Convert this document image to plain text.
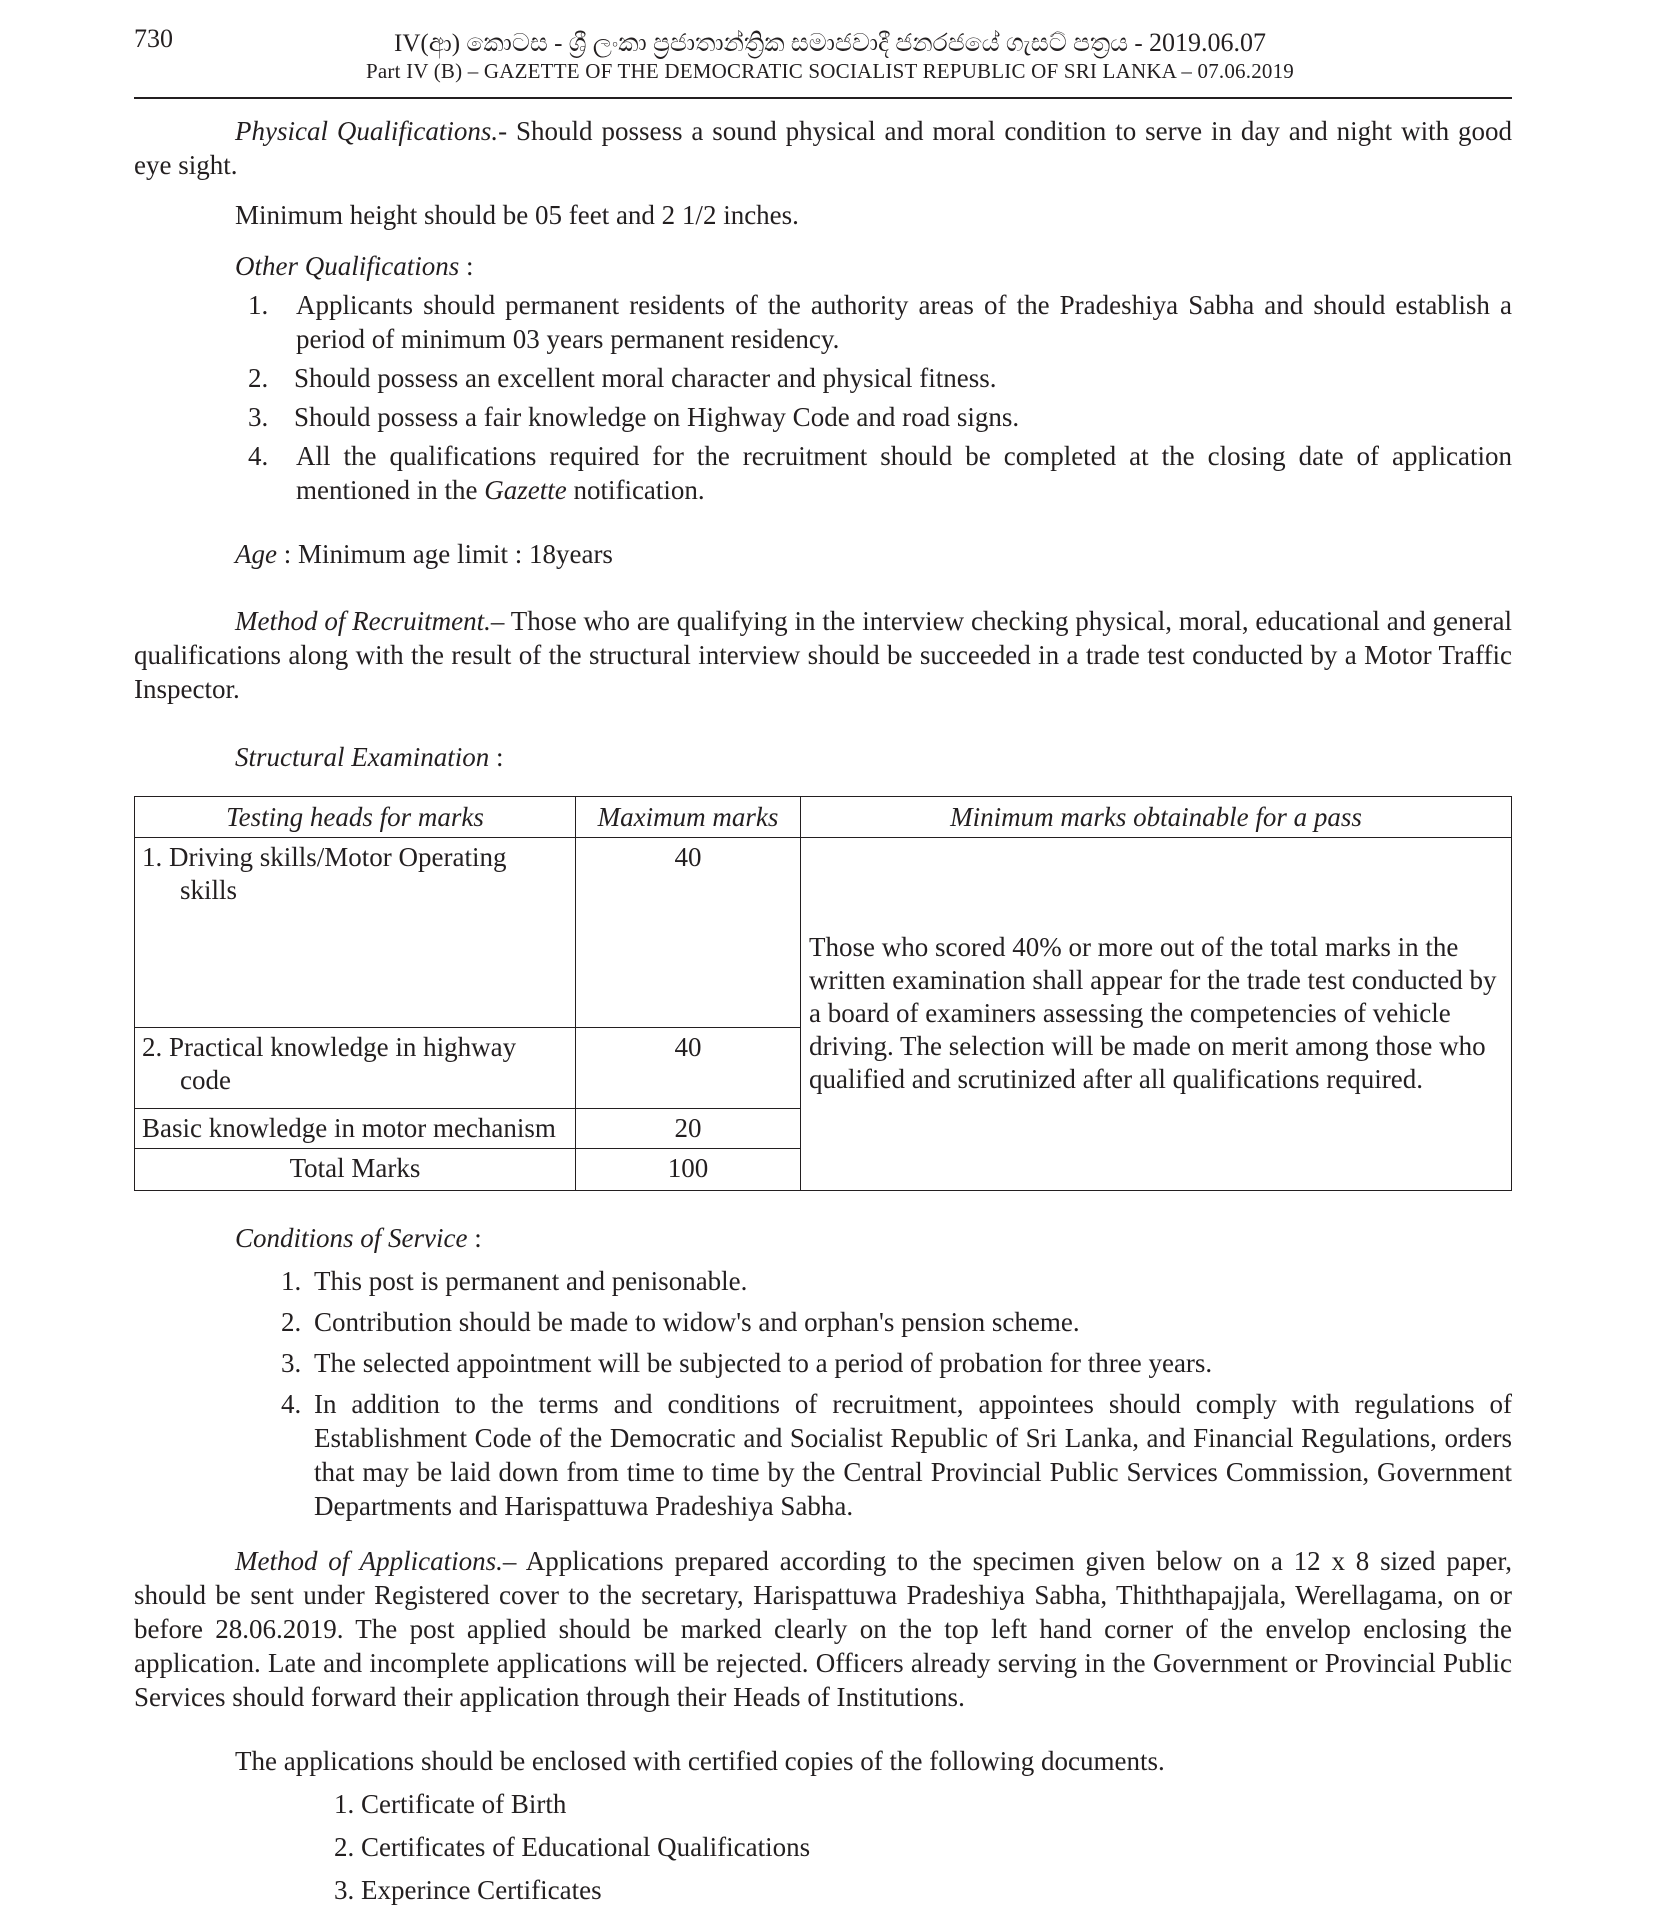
730	IV(ආ) කොටස - ශ්‍රී ලංකා ප්‍රජාතාන්ත්‍රික සමාජවාදී ජනරජයේ ගැසට් පත්‍රය - 2019.06.07
Part IV (B) – GAZETTE OF THE DEMOCRATIC SOCIALIST REPUBLIC OF SRI LANKA – 07.06.2019
Physical Qualifications.- Should possess a sound physical and moral condition to serve in day and night with good eye sight.
Minimum height should be 05 feet and 2 1/2 inches.
Other Qualifications :
1. Applicants should permanent residents of the authority areas of the Pradeshiya Sabha and should establish a period of minimum 03 years permanent residency.
2. Should possess an excellent moral character and physical fitness.
3. Should possess a fair knowledge on Highway Code and road signs.
4. All the qualifications required for the recruitment should be completed at the closing date of application mentioned in the Gazette notification.
Age : Minimum age limit : 18years
Method of Recruitment.– Those who are qualifying in the interview checking physical, moral, educational and general qualifications along with the result of the structural interview should be succeeded in a trade test conducted by a Motor Traffic Inspector.
Structural Examination :
Testing heads for marks	Maximum marks	Minimum marks obtainable for a pass

1. Driving skills/Motor Operating skills	40	Those who scored 40% or more out of the total marks in the written examination shall appear for the trade test conducted by a board of examiners assessing the competencies of vehicle driving. The selection will be made on merit among those who qualified and scrutinized after all qualifications required.

2. Practical knowledge in highway code	40	
Basic knowledge in motor mechanism	20	
Total Marks	100	
Conditions of Service :
1. This post is permanent and penisonable.
2. Contribution should be made to widow's and orphan's pension scheme.
3. The selected appointment will be subjected to a period of probation for three years.
4. In addition to the terms and conditions of recruitment, appointees should comply with regulations of Establishment Code of the Democratic and Socialist Republic of Sri Lanka, and Financial Regulations, orders that may be laid down from time to time by the Central Provincial Public Services Commission, Government Departments and Harispattuwa Pradeshiya Sabha.
Method of Applications.– Applications prepared according to the specimen given below on a 12 x 8 sized paper, should be sent under Registered cover to the secretary, Harispattuwa Pradeshiya Sabha, Thiththapajjala, Werellagama, on or before 28.06.2019. The post applied should be marked clearly on the top left hand corner of the envelop enclosing the application. Late and incomplete applications will be rejected. Officers already serving in the Government or Provincial Public Services should forward their application through their Heads of Institutions.
The applications should be enclosed with certified copies of the following documents.
1. Certificate of Birth
2. Certificates of Educational Qualifications
3. Experince Certificates
